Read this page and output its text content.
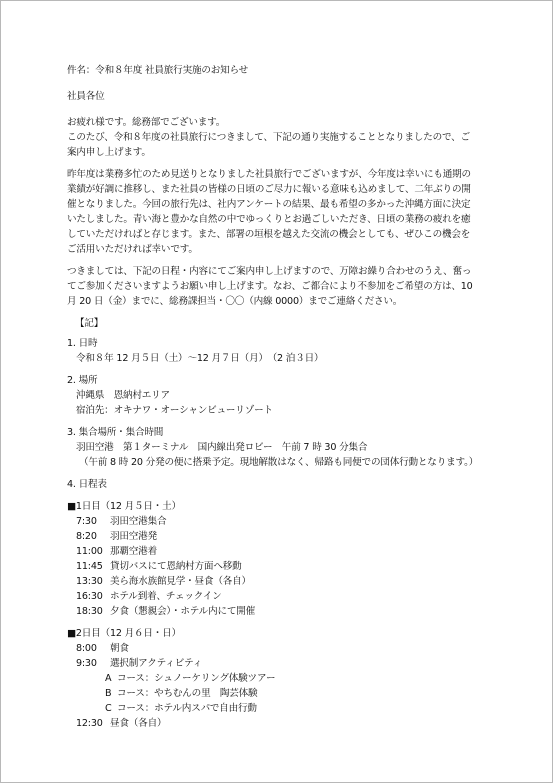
件名：令和８年度 社員旅行実施のお知らせ

社員各位

お疲れ様です。総務部でございます。

このたび、令和８年度の社員旅行につきまして、下記の通り実施することとなりましたので、ご

案内申し上げます。

昨年度は業務多忙のため見送りとなりました社員旅行でございますが、今年度は幸いにも通期の

業績が好調に推移し、また社員の皆様の日頃のご尽力に報いる意味も込めまして、二年ぶりの開

催となりました。今回の旅行先は、社内アンケートの結果、最も希望の多かった沖縄方面に決定

いたしました。青い海と豊かな自然の中でゆっくりとお過ごしいただき、日頃の業務の疲れを癒

していただければと存じます。また、部署の垣根を越えた交流の機会としても、ぜひこの機会を

ご活用いただければ幸いです。

つきましては、下記の日程・内容にてご案内申し上げますので、万障お繰り合わせのうえ、奮っ

てご参加くださいますようお願い申し上げます。なお、ご都合により不参加をご希望の方は、10

月 20 日（金）までに、総務課担当・〇〇（内線 0000）までご連絡ください。

【記】

1. 日時

令和８年 12 月５日（土）～12 月７日（月）　（2 泊３日）

2. 場所

沖縄県　恩納村エリア

宿泊先：オキナワ・オーシャンビューリゾート

3. 集合場所・集合時間

羽田空港　第１ターミナル　国内線出発ロビー　午前 7 時 30 分集合

（午前 8 時 20 分発の便に搭乗予定。現地解散はなく、帰路も同便での団体行動となります。）

4. 日程表

■1日目（12 月５日・土）

7:30	羽田空港集合
8:20	羽田空港発
11:00 那覇空港着
11:45 貸切バスにて恩納村方面へ移動
13:30 美ら海水族館見学・昼食（各自）
16:30 ホテル到着、チェックイン
18:30 夕食（懇親会）・ホテル内にて開催

■2日目（12 月６日・日）

8:00	朝食
9:30	選択制アクティビティ
A コース：シュノーケリング体験ツアー
B コース：やちむんの里　陶芸体験
C コース：ホテル内スパで自由行動
12:30 昼食（各自）
